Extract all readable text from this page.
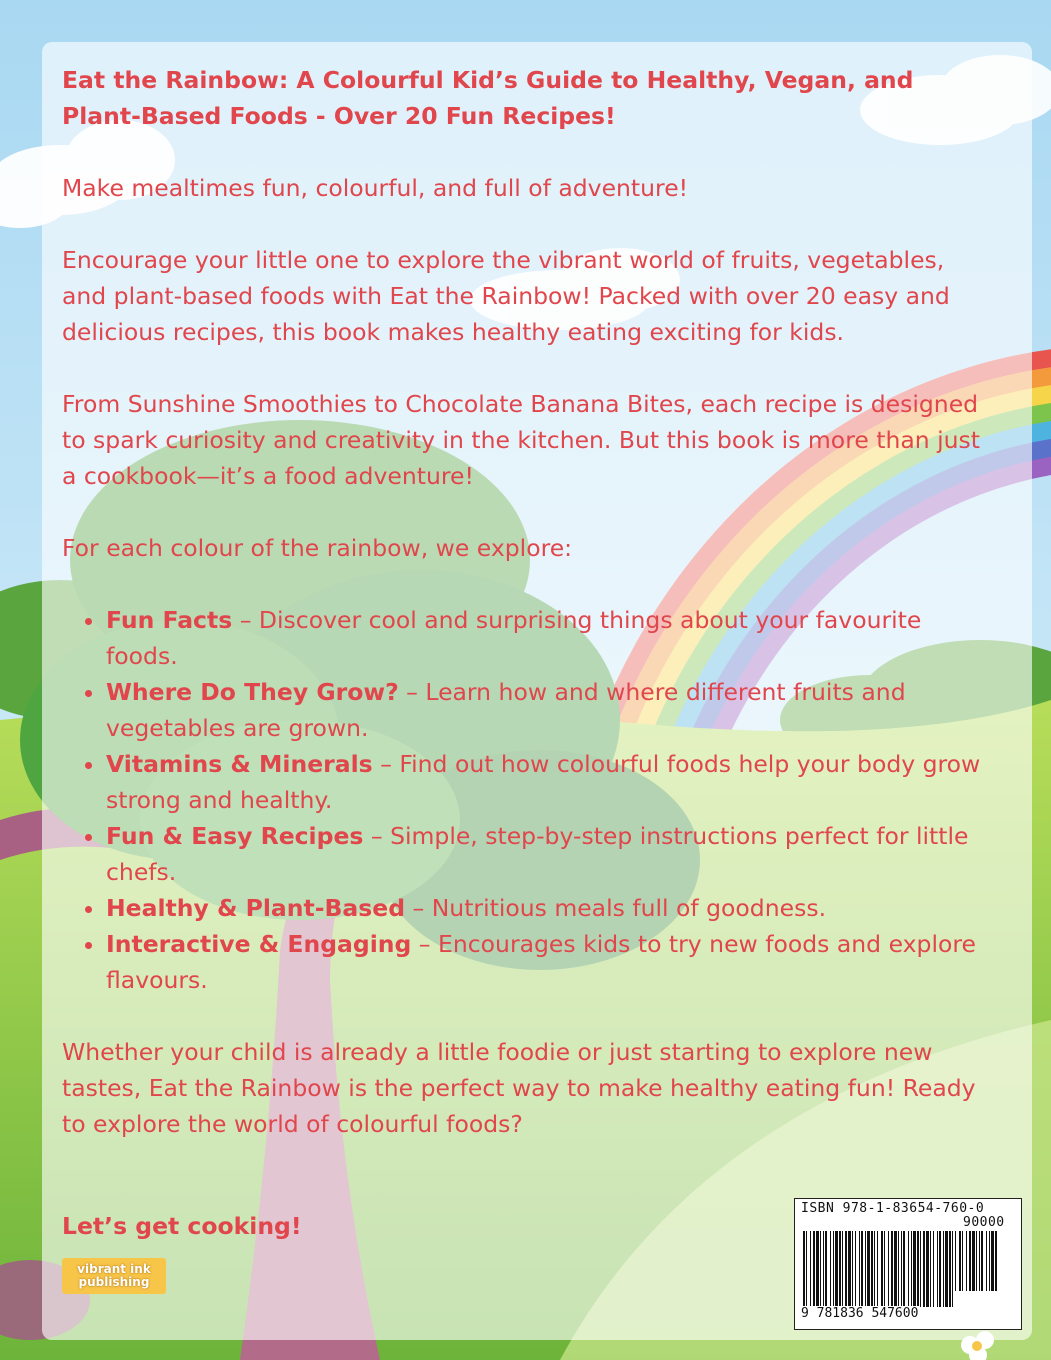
Eat the Rainbow: A Colourful Kid’s Guide to Healthy, Vegan, and Plant-Based Foods - Over 20 Fun Recipes!
Make mealtimes fun, colourful, and full of adventure!
Encourage your little one to explore the vibrant world of fruits, vegetables, and plant-based foods with Eat the Rainbow! Packed with over 20 easy and delicious recipes, this book makes healthy eating exciting for kids.
From Sunshine Smoothies to Chocolate Banana Bites, each recipe is designed to spark curiosity and creativity in the kitchen. But this book is more than just a cookbook—it’s a food adventure!
For each colour of the rainbow, we explore:
• Fun Facts – Discover cool and surprising things about your favourite foods.
• Where Do They Grow? – Learn how and where different fruits and vegetables are grown.
• Vitamins & Minerals – Find out how colourful foods help your body grow strong and healthy.
• Fun & Easy Recipes – Simple, step-by-step instructions perfect for little chefs.
• Healthy & Plant-Based – Nutritious meals full of goodness.
• Interactive & Engaging – Encourages kids to try new foods and explore flavours.
Whether your child is already a little foodie or just starting to explore new tastes, Eat the Rainbow is the perfect way to make healthy eating fun! Ready to explore the world of colourful foods?
Let’s get cooking!
vibrant ink
publishing
ISBN 978-1-83654-760-0
90000
9 781836 547600
